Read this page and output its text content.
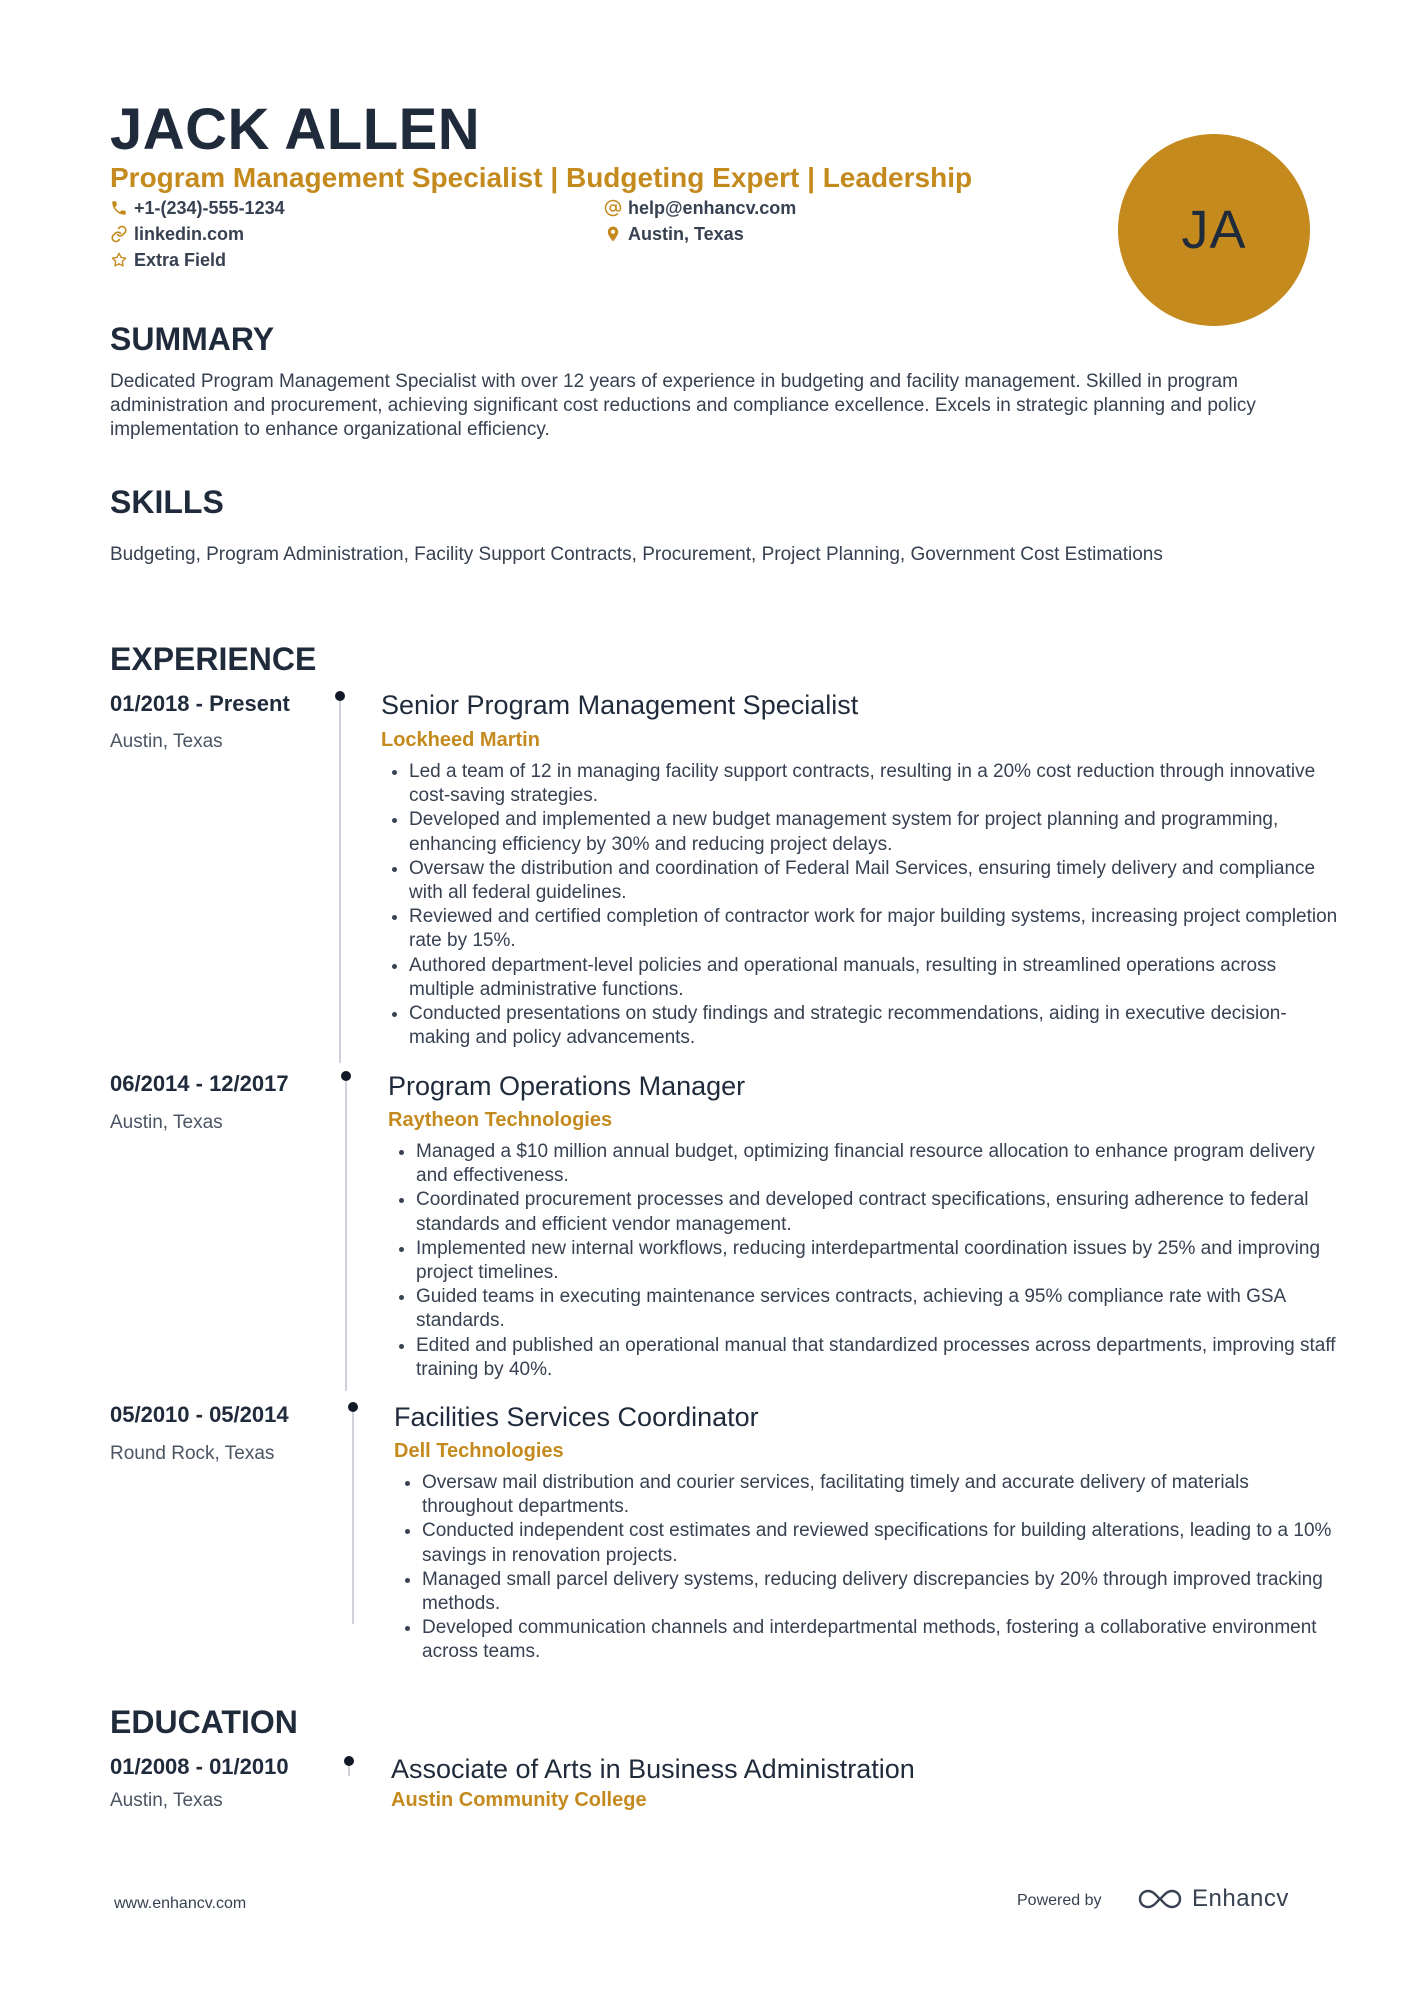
JACK ALLEN
Program Management Specialist | Budgeting Expert | Leadership
+1-(234)-555-1234	help@enhancv.com
linkedin.com	Austin, Texas
Extra Field	JA
SUMMARY

Dedicated Program Management Specialist with over 12 years of experience in budgeting and facility management. Skilled in program administration and procurement, achieving significant cost reductions and compliance excellence. Excels in strategic planning and policy implementation to enhance organizational efficiency.

SKILLS

Budgeting, Program Administration, Facility Support Contracts, Procurement, Project Planning, Government Cost Estimations

EXPERIENCE
01/2018 - Present
Austin, Texas
Senior Program Management Specialist
Lockheed Martin
• Led a team of 12 in managing facility support contracts, resulting in a 20% cost reduction through innovative cost-saving strategies.
• Developed and implemented a new budget management system for project planning and programming, enhancing efficiency by 30% and reducing project delays.
• Oversaw the distribution and coordination of Federal Mail Services, ensuring timely delivery and compliance with all federal guidelines.
• Reviewed and certified completion of contractor work for major building systems, increasing project completion rate by 15%.
• Authored department-level policies and operational manuals, resulting in streamlined operations across multiple administrative functions.
• Conducted presentations on study findings and strategic recommendations, aiding in executive decision-making and policy advancements.
06/2014 - 12/2017
Austin, Texas
Program Operations Manager
Raytheon Technologies
• Managed a $10 million annual budget, optimizing financial resource allocation to enhance program delivery and effectiveness.
• Coordinated procurement processes and developed contract specifications, ensuring adherence to federal standards and efficient vendor management.
• Implemented new internal workflows, reducing interdepartmental coordination issues by 25% and improving project timelines.
• Guided teams in executing maintenance services contracts, achieving a 95% compliance rate with GSA standards.
• Edited and published an operational manual that standardized processes across departments, improving staff training by 40%.
05/2010 - 05/2014
Round Rock, Texas
Facilities Services Coordinator
Dell Technologies
• Oversaw mail distribution and courier services, facilitating timely and accurate delivery of materials throughout departments.
• Conducted independent cost estimates and reviewed specifications for building alterations, leading to a 10% savings in renovation projects.
• Managed small parcel delivery systems, reducing delivery discrepancies by 20% through improved tracking methods.
• Developed communication channels and interdepartmental methods, fostering a collaborative environment across teams.
EDUCATION
01/2008 - 01/2010
Austin, Texas
Associate of Arts in Business Administration
Austin Community College
www.enhancv.com	Powered by	Enhancv
